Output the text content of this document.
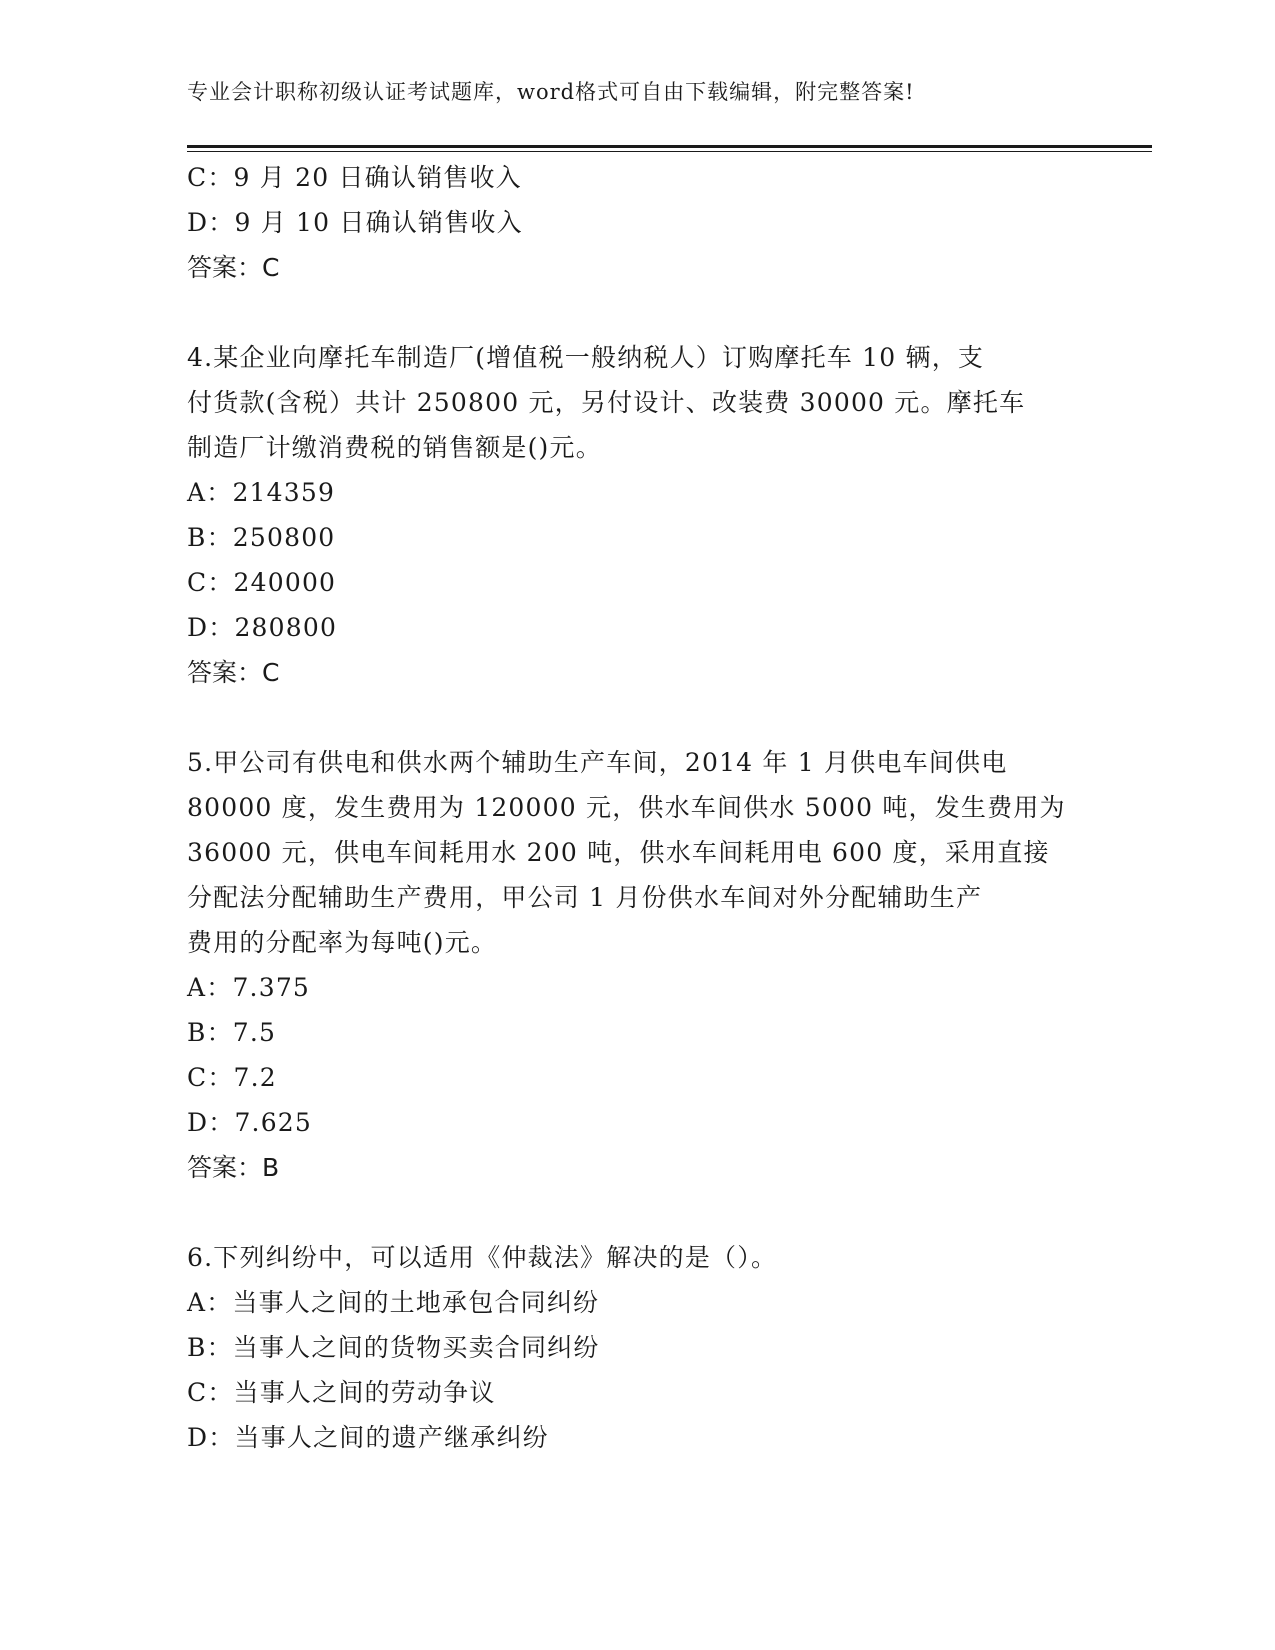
专业会计职称初级认证考试题库，word格式可自由下载编辑，附完整答案!
C：9 月 20 日确认销售收入
D：9 月 10 日确认销售收入
答案：C
4.某企业向摩托车制造厂(增值税一般纳税人）订购摩托车 10 辆，支
付货款(含税）共计 250800 元，另付设计、改装费 30000 元。摩托车
制造厂计缴消费税的销售额是()元。
A：214359
B：250800
C：240000
D：280800
答案：C
5.甲公司有供电和供水两个辅助生产车间，2014 年 1 月供电车间供电
80000 度，发生费用为 120000 元，供水车间供水 5000 吨，发生费用为
36000 元，供电车间耗用水 200 吨，供水车间耗用电 600 度，采用直接
分配法分配辅助生产费用，甲公司 1 月份供水车间对外分配辅助生产
费用的分配率为每吨()元。
A：7.375
B：7.5
C：7.2
D：7.625
答案：B
6.下列纠纷中，可以适用《仲裁法》解决的是（）。
A：当事人之间的土地承包合同纠纷
B：当事人之间的货物买卖合同纠纷
C：当事人之间的劳动争议
D：当事人之间的遗产继承纠纷
